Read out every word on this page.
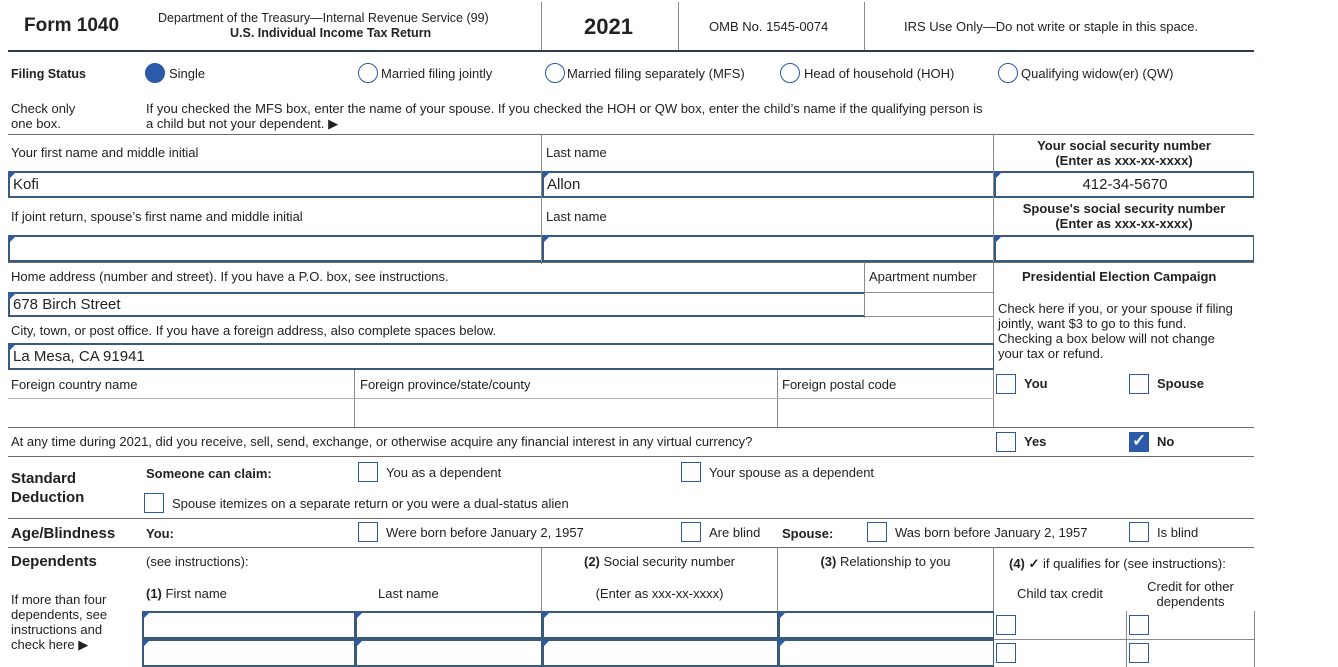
Form 1040	Department of the Treasury—Internal Revenue Service (99)
U.S. Individual Income Tax Return	2021	OMB No. 1545-0074	IRS Use Only—Do not write or staple in this space.
Filing Status	Single	Married filing jointly	Married filing separately (MFS)	Head of household (HOH)	Qualifying widow(er) (QW)
Check only
one box.
If you checked the MFS box, enter the name of your spouse. If you checked the HOH or QW box, enter the child’s name if the qualifying person is
a child but not your dependent. ▶
Your first name and middle initial	Last name	Your social security number
(Enter as xxx-xx-xxxx)
Kofi	Allon	412-34-5670
If joint return, spouse’s first name and middle initial	Last name
Spouse's social security number
(Enter as xxx-xx-xxxx)
Home address (number and street). If you have a P.O. box, see instructions.	Apartment number	Presidential Election Campaign
678 Birch Street	Check here if you, or your spouse if filing
jointly, want $3 to go to this fund.
Checking a box below will not change
your tax or refund.
City, town, or post office. If you have a foreign address, also complete spaces below.
La Mesa, CA 91941
Foreign country name	Foreign province/state/county	Foreign postal code	You	Spouse
At any time during 2021, did you receive, sell, send, exchange, or otherwise acquire any financial interest in any virtual currency?	Yes
✓	No
Standard
Deduction
Someone can claim:	You as a dependent	Your spouse as a dependent
Spouse itemizes on a separate return or you were a dual-status alien
Age/Blindness You:	Were born before January 2, 1957	Are blind Spouse:	Was born before January 2, 1957	Is blind
Dependents
If more than four
dependents, see
instructions and
check here ▶
(see instructions):
(1) First name	Last name
(2) Social security number
(Enter as xxx-xx-xxxx)
(3) Relationship to you	(4) ✓ if qualifies for (see instructions):
Child tax credit	Credit for other
dependents
